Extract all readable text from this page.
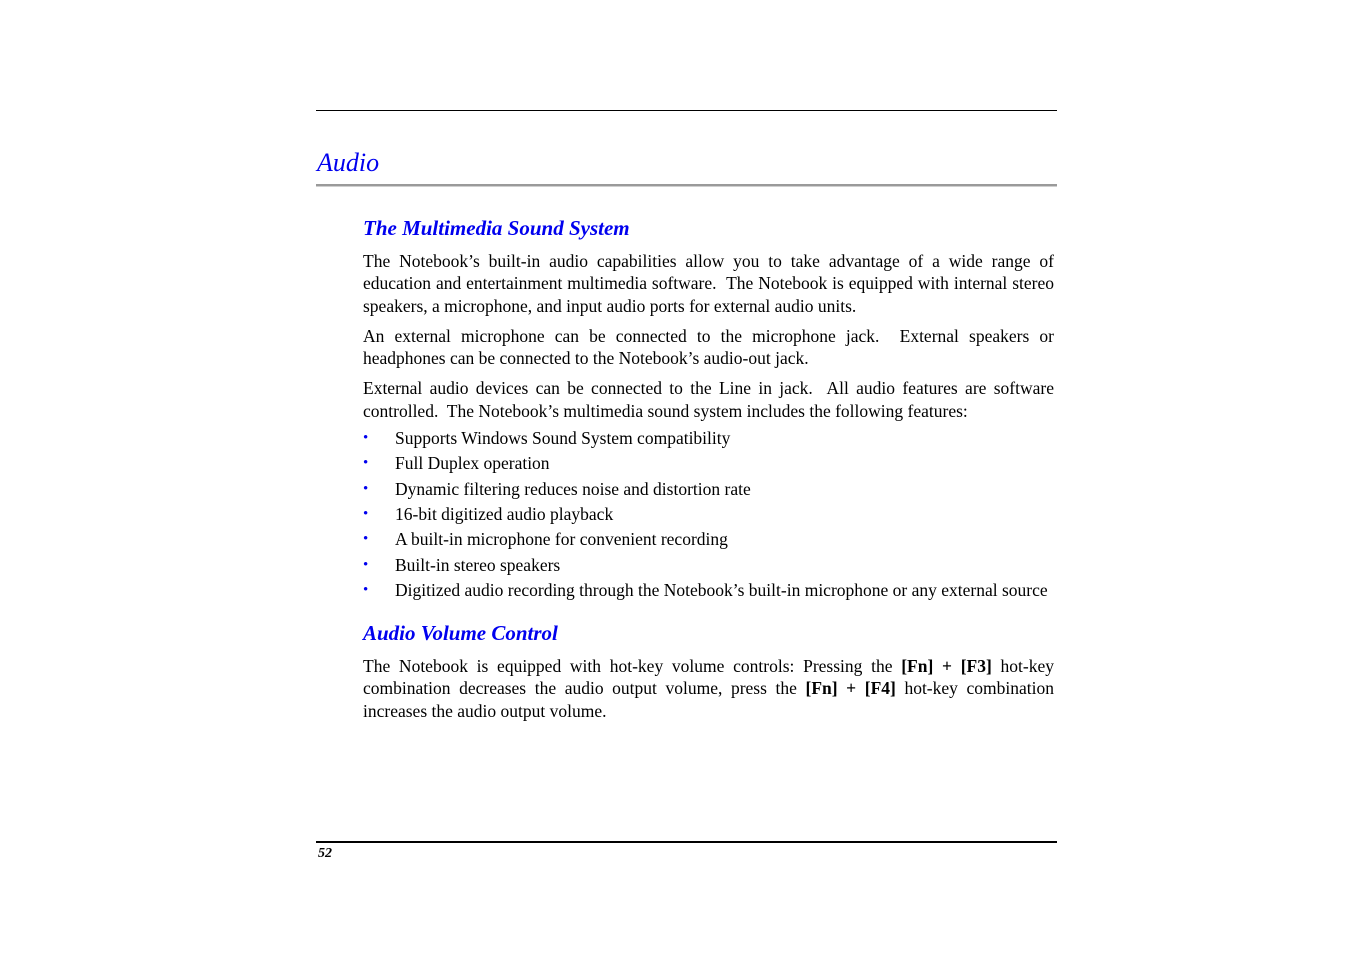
Audio
The Multimedia Sound System

The Notebook’s built-in audio capabilities allow you to take advantage of a wide range of education and entertainment multimedia software.  The Notebook is equipped with internal stereo speakers, a microphone, and input audio ports for external audio units.

An external microphone can be connected to the microphone jack.  External speakers or headphones can be connected to the Notebook’s audio-out jack.

External audio devices can be connected to the Line in jack.  All audio features are software controlled.  The Notebook’s multimedia sound system includes the following features:

• Supports Windows Sound System compatibility
• Full Duplex operation
• Dynamic filtering reduces noise and distortion rate
• 16-bit digitized audio playback
• A built-in microphone for convenient recording
• Built-in stereo speakers
• Digitized audio recording through the Notebook’s built-in microphone or any external source
Audio Volume Control

The Notebook is equipped with hot-key volume controls: Pressing the [Fn] + [F3] hot-key combination decreases the audio output volume, press the [Fn] + [F4] hot-key combination increases the audio output volume.

52
